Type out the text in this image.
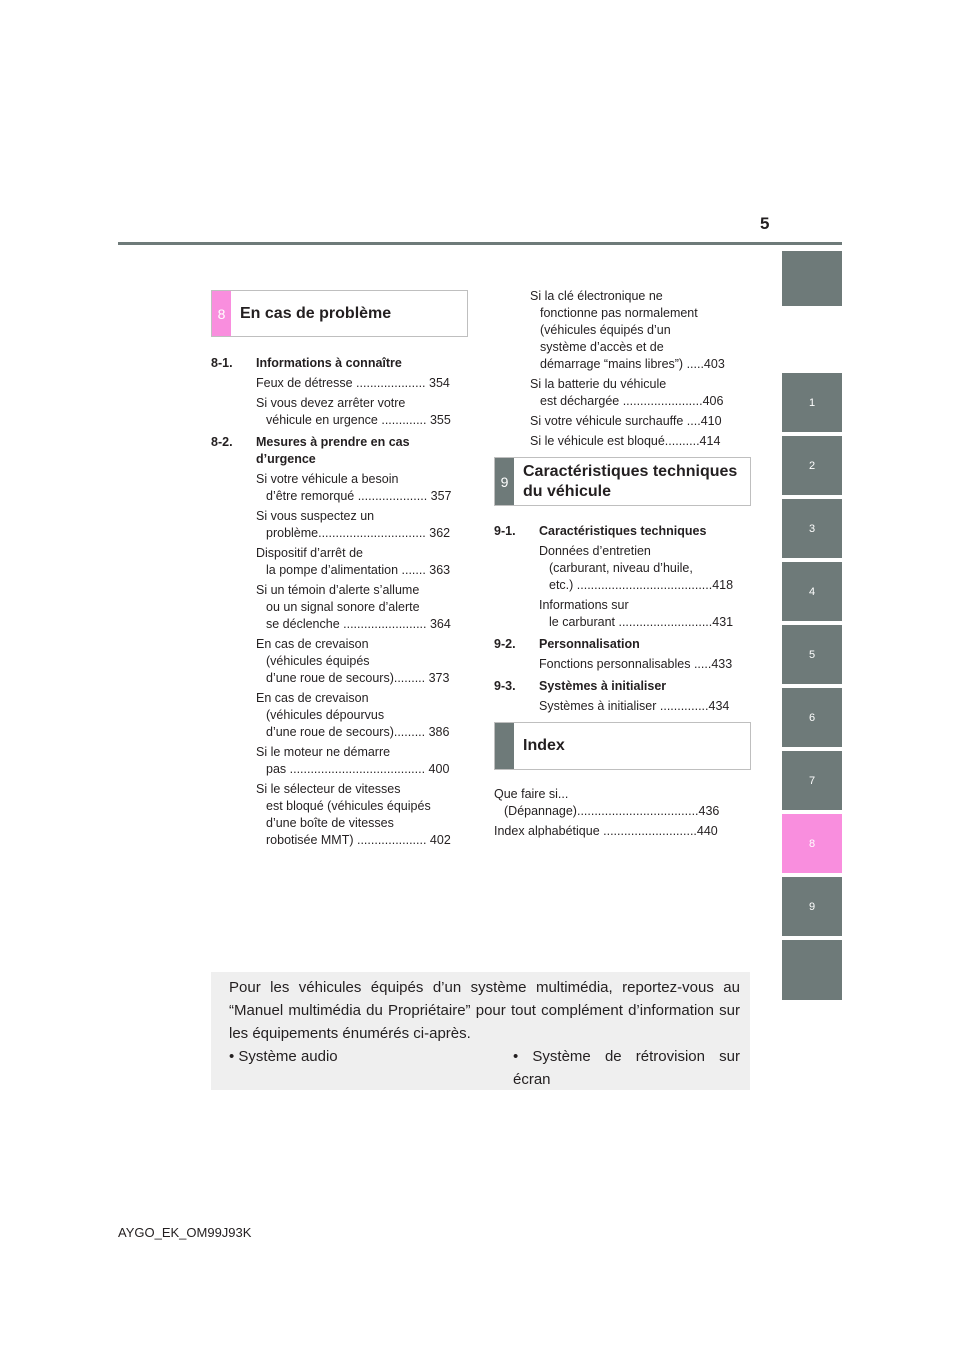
5
1
2
3
4
5
6
7
8
9
8 En cas de problème
8-1. Informations à connaître
Feux de détresse .................... 354
Si vous devez arrêter votre
véhicule en urgence ............. 355
8-2. Mesures à prendre en cas
d’urgence
Si votre véhicule a besoin
d’être remorqué .................... 357
Si vous suspectez un
problème............................... 362
Dispositif d’arrêt de
la pompe d’alimentation ....... 363
Si un témoin d’alerte s’allume
ou un signal sonore d’alerte
se déclenche ........................ 364
En cas de crevaison
(véhicules équipés
d’une roue de secours)......... 373
En cas de crevaison
(véhicules dépourvus
d’une roue de secours)......... 386
Si le moteur ne démarre
pas ....................................... 400
Si le sélecteur de vitesses
est bloqué (véhicules équipés
d’une boîte de vitesses
robotisée MMT) .................... 402
Si la clé électronique ne
fonctionne pas normalement
(véhicules équipés d’un
système d’accès et de
démarrage “mains libres”) .....403
Si la batterie du véhicule
est déchargée .......................406
Si votre véhicule surchauffe ....410
Si le véhicule est bloqué..........414
9
Caractéristiques techniques
du véhicule
9-1. Caractéristiques techniques
Données d’entretien
(carburant, niveau d’huile,
etc.) .......................................418
Informations sur
le carburant ...........................431
9-2. Personnalisation
Fonctions personnalisables .....433
9-3. Systèmes à initialiser
Systèmes à initialiser ..............434
Index
Que faire si...
(Dépannage)...................................436
Index alphabétique ...........................440
Pour les véhicules équipés d’un système multimédia, reportez-vous au “Manuel multimédia du Propriétaire” pour tout complément d’information sur les équipements énumérés ci-après.
• Système audio	• Système de rétrovision sur écran
AYGO_EK_OM99J93K
